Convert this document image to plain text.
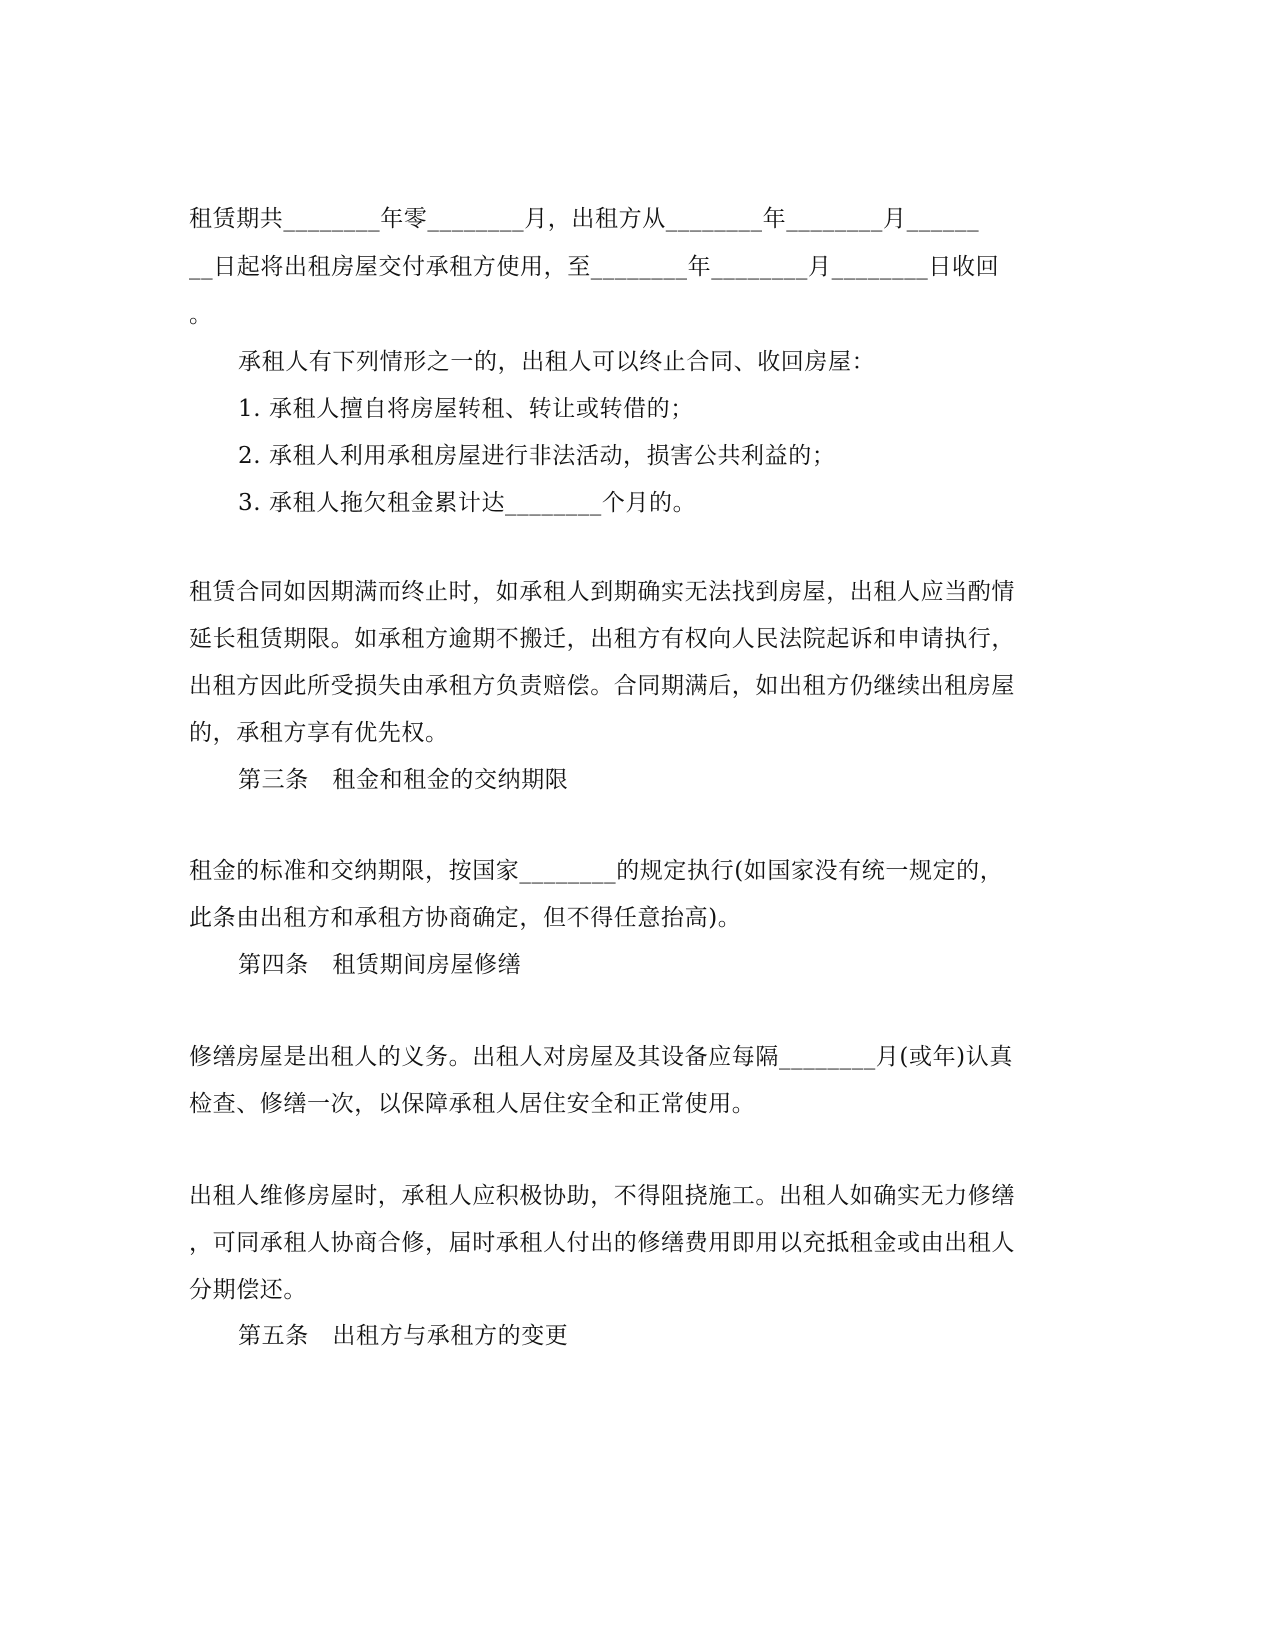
租赁期共________年零________月，出租方从________年________月______
__日起将出租房屋交付承租方使用，至________年________月________日收回
。
承租人有下列情形之一的，出租人可以终止合同、收回房屋：
1. 承租人擅自将房屋转租、转让或转借的；
2. 承租人利用承租房屋进行非法活动，损害公共利益的；
3. 承租人拖欠租金累计达________个月的。
租赁合同如因期满而终止时，如承租人到期确实无法找到房屋，出租人应当酌情
延长租赁期限。如承租方逾期不搬迁，出租方有权向人民法院起诉和申请执行，
出租方因此所受损失由承租方负责赔偿。合同期满后，如出租方仍继续出租房屋
的，承租方享有优先权。
第三条　租金和租金的交纳期限
租金的标准和交纳期限，按国家________的规定执行(如国家没有统一规定的，
此条由出租方和承租方协商确定，但不得任意抬高)。
第四条　租赁期间房屋修缮
修缮房屋是出租人的义务。出租人对房屋及其设备应每隔________月(或年)认真
检查、修缮一次，以保障承租人居住安全和正常使用。
出租人维修房屋时，承租人应积极协助，不得阻挠施工。出租人如确实无力修缮
，可同承租人协商合修，届时承租人付出的修缮费用即用以充抵租金或由出租人
分期偿还。
第五条　出租方与承租方的变更
